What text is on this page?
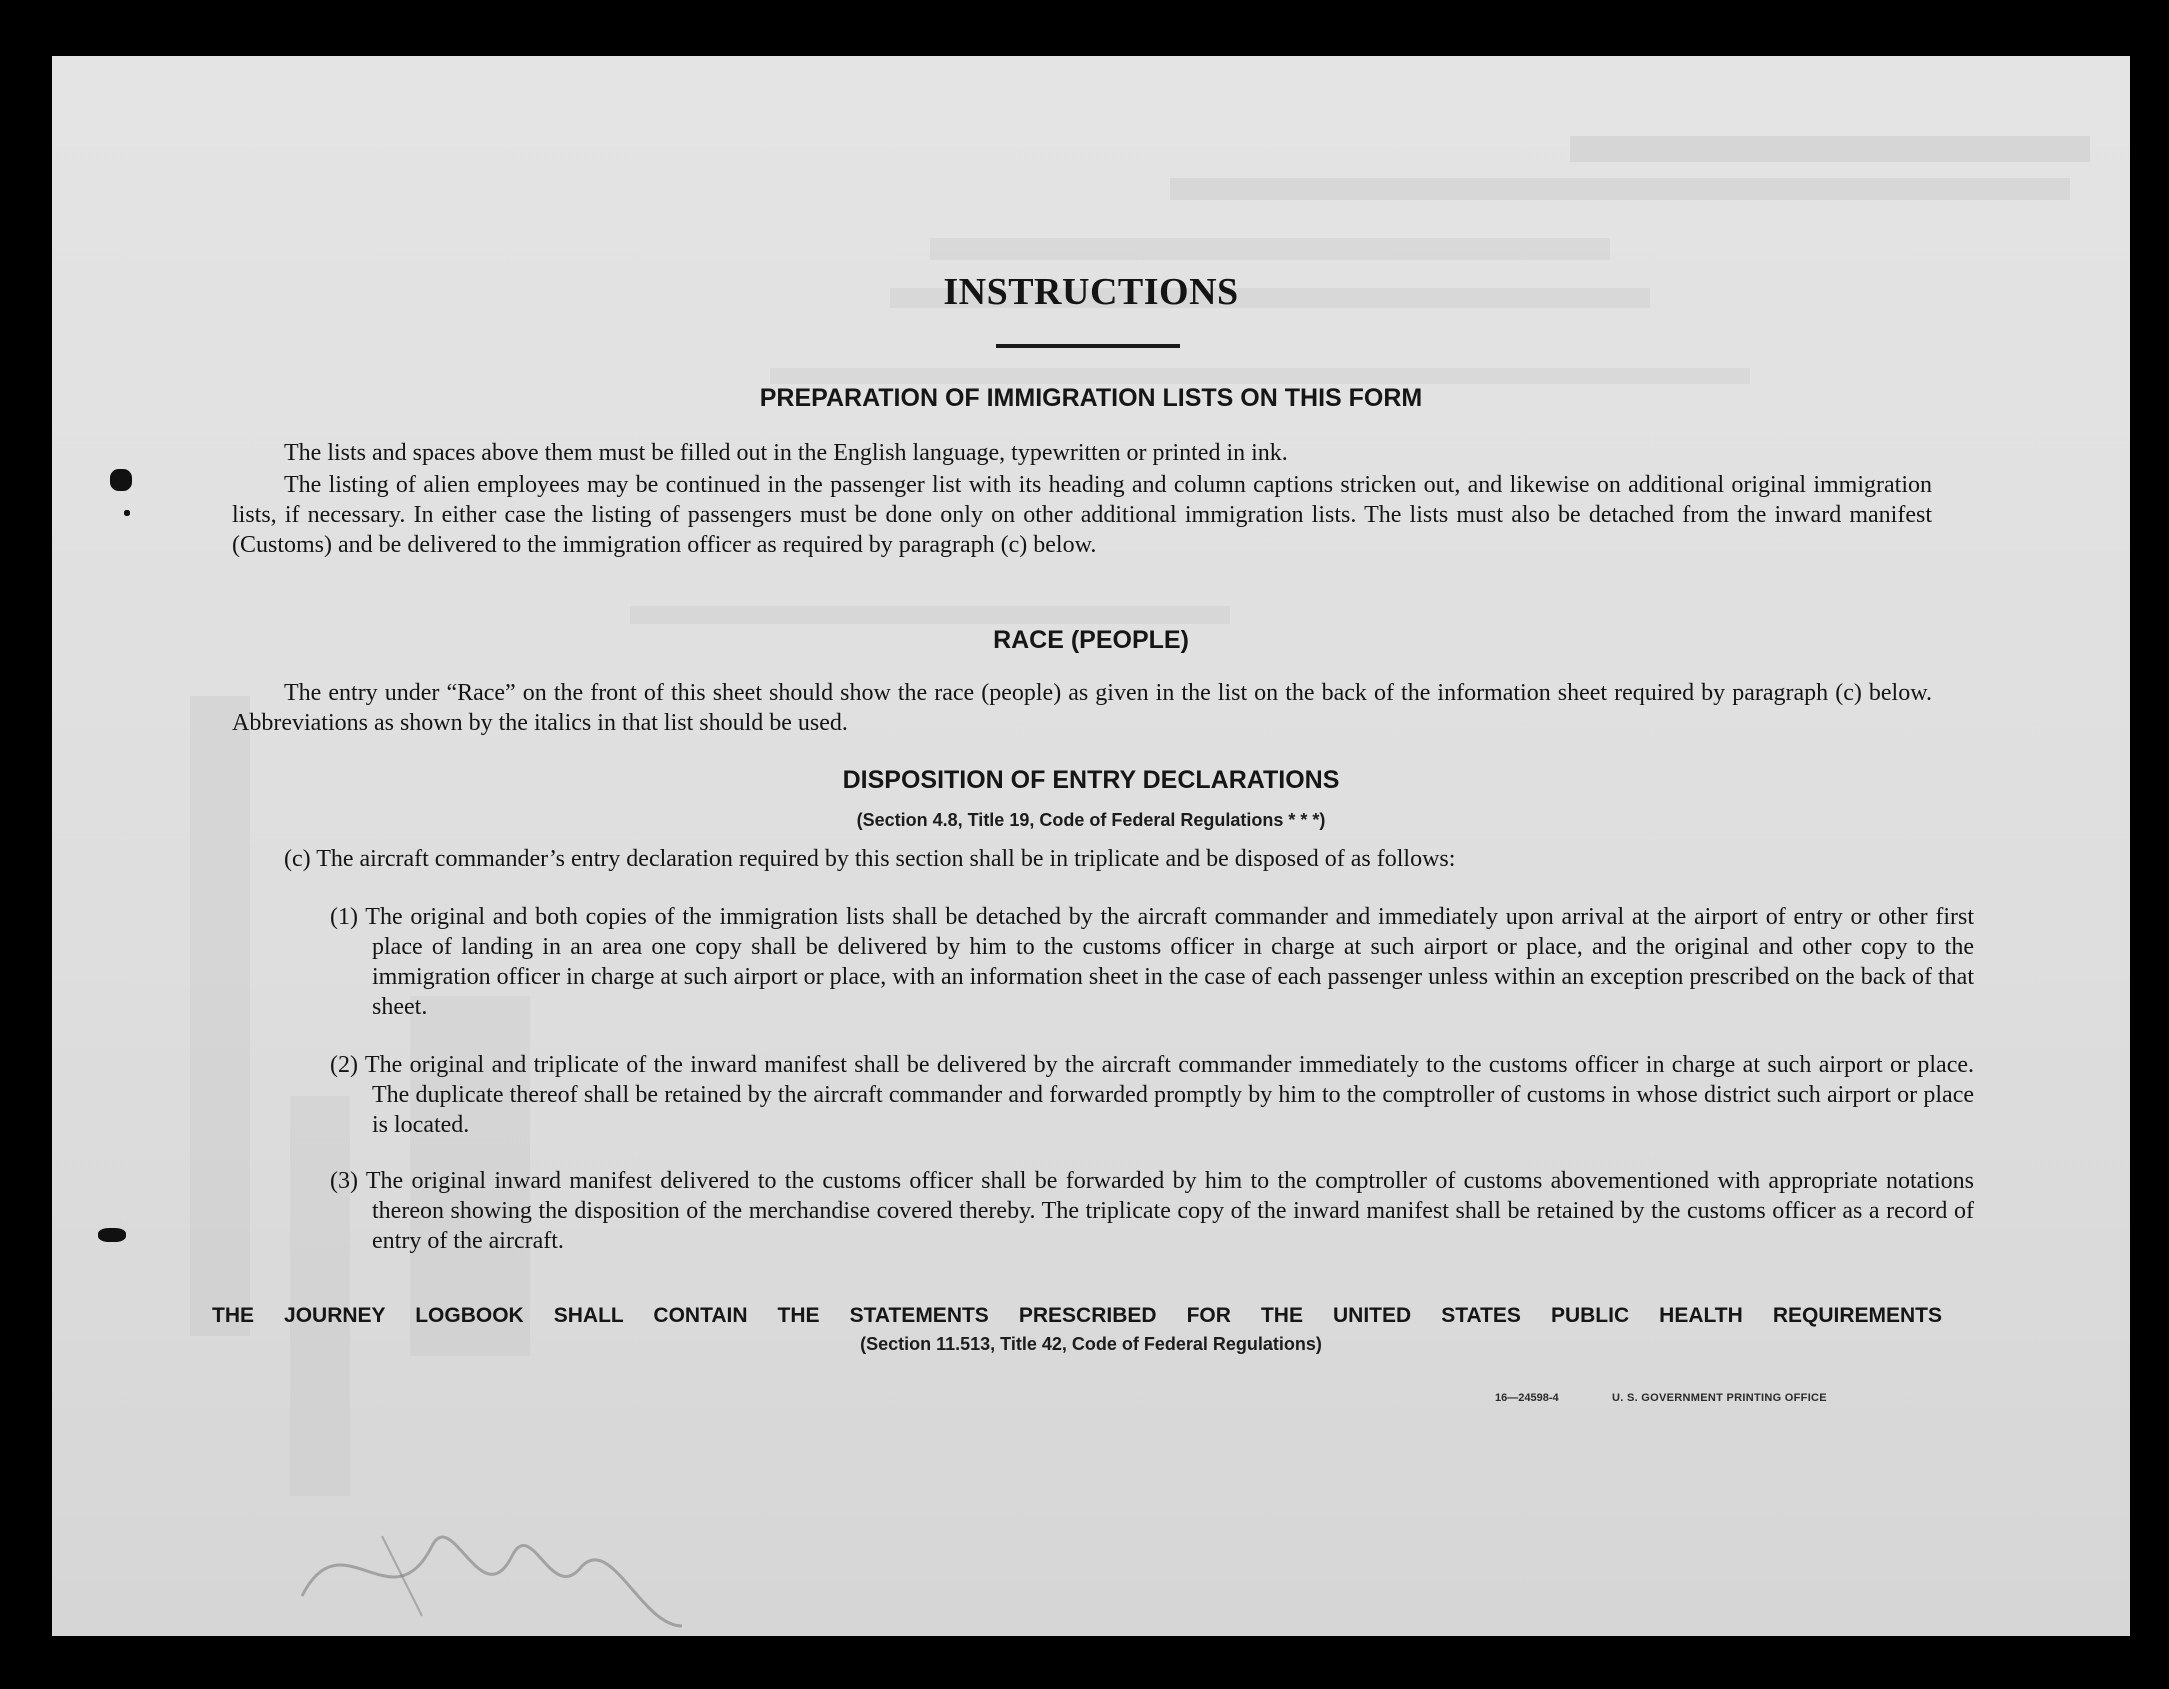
INSTRUCTIONS
PREPARATION OF IMMIGRATION LISTS ON THIS FORM

The lists and spaces above them must be filled out in the English language, typewritten or printed in ink.

The listing of alien employees may be continued in the passenger list with its heading and column captions stricken out, and likewise on additional original immigration lists, if necessary. In either case the listing of passengers must be done only on other additional immigration lists. The lists must also be detached from the inward manifest (Customs) and be delivered to the immigration officer as required by paragraph (c) below.

RACE (PEOPLE)

The entry under “Race” on the front of this sheet should show the race (people) as given in the list on the back of the information sheet required by paragraph (c) below. Abbreviations as shown by the italics in that list should be used.

DISPOSITION OF ENTRY DECLARATIONS
(Section 4.8, Title 19, Code of Federal Regulations * * *)

(c) The aircraft commander’s entry declaration required by this section shall be in triplicate and be disposed of as follows:

(1) The original and both copies of the immigration lists shall be detached by the aircraft commander and immediately upon arrival at the airport of entry or other first place of landing in an area one copy shall be delivered by him to the customs officer in charge at such airport or place, and the original and other copy to the immigration officer in charge at such airport or place, with an information sheet in the case of each passenger unless within an exception prescribed on the back of that sheet.

(2) The original and triplicate of the inward manifest shall be delivered by the aircraft commander immediately to the customs officer in charge at such airport or place. The duplicate thereof shall be retained by the aircraft commander and forwarded promptly by him to the comptroller of customs in whose district such airport or place is located.

(3) The original inward manifest delivered to the customs officer shall be forwarded by him to the comptroller of customs abovementioned with appropriate notations thereon showing the disposition of the merchandise covered thereby. The triplicate copy of the inward manifest shall be retained by the customs officer as a record of entry of the aircraft.

THE JOURNEY LOGBOOK SHALL CONTAIN THE STATEMENTS PRESCRIBED FOR THE UNITED STATES PUBLIC HEALTH REQUIREMENTS
(Section 11.513, Title 42, Code of Federal Regulations)
16—24598-4	U. S. GOVERNMENT PRINTING OFFICE
